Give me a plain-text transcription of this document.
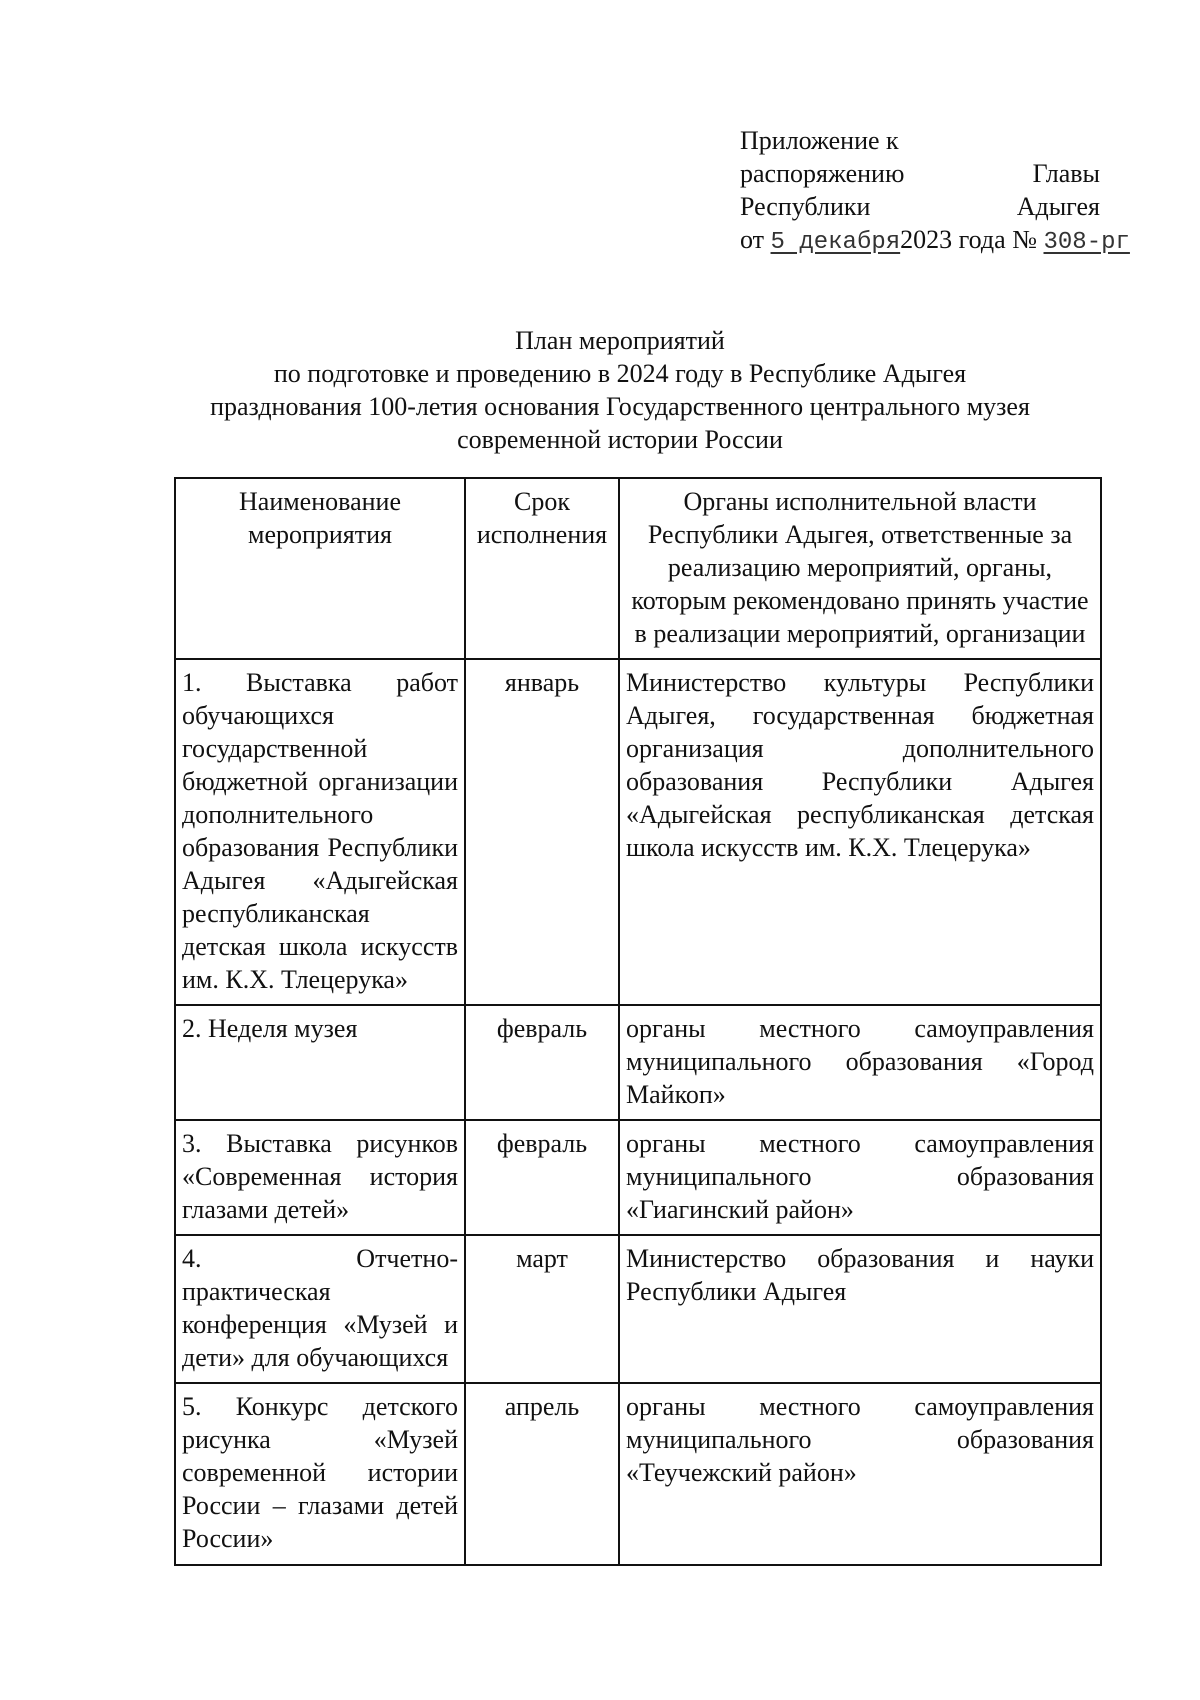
Приложение к
распоряжению	Главы
Республики	Адыгея
от 5 декабря2023 года № 308-рг
План мероприятий
по подготовке и проведению в 2024 году в Республике Адыгея
празднования 100-летия основания Государственного центрального музея
современной истории России
Наименование мероприятия	Срок исполнения	Органы исполнительной власти Республики Адыгея, ответственные за реализацию мероприятий, органы, которым рекомендовано принять участие в реализации мероприятий, организации
1. Выставка работ обучающихся государственной бюджетной организации дополнительного образования Республики Адыгея «Адыгейская республиканская детская школа искусств им. К.Х. Тлецерука»	январь	Министерство культуры Республики Адыгея, государственная бюджетная организация дополнительного образования Республики Адыгея «Адыгейская республиканская детская школа искусств им. К.Х. Тлецерука»
2. Неделя музея	февраль	органы местного самоуправления муниципального образования «Город Майкоп»
3. Выставка рисунков «Современная история глазами детей»	февраль	органы местного самоуправления муниципального образования «Гиагинский район»
4. Отчетно-практическая конференция «Музей и дети» для обучающихся	март	Министерство образования и науки Республики Адыгея
5. Конкурс детского рисунка «Музей современной истории России – глазами детей России»	апрель	органы местного самоуправления муниципального образования «Теучежский район»
